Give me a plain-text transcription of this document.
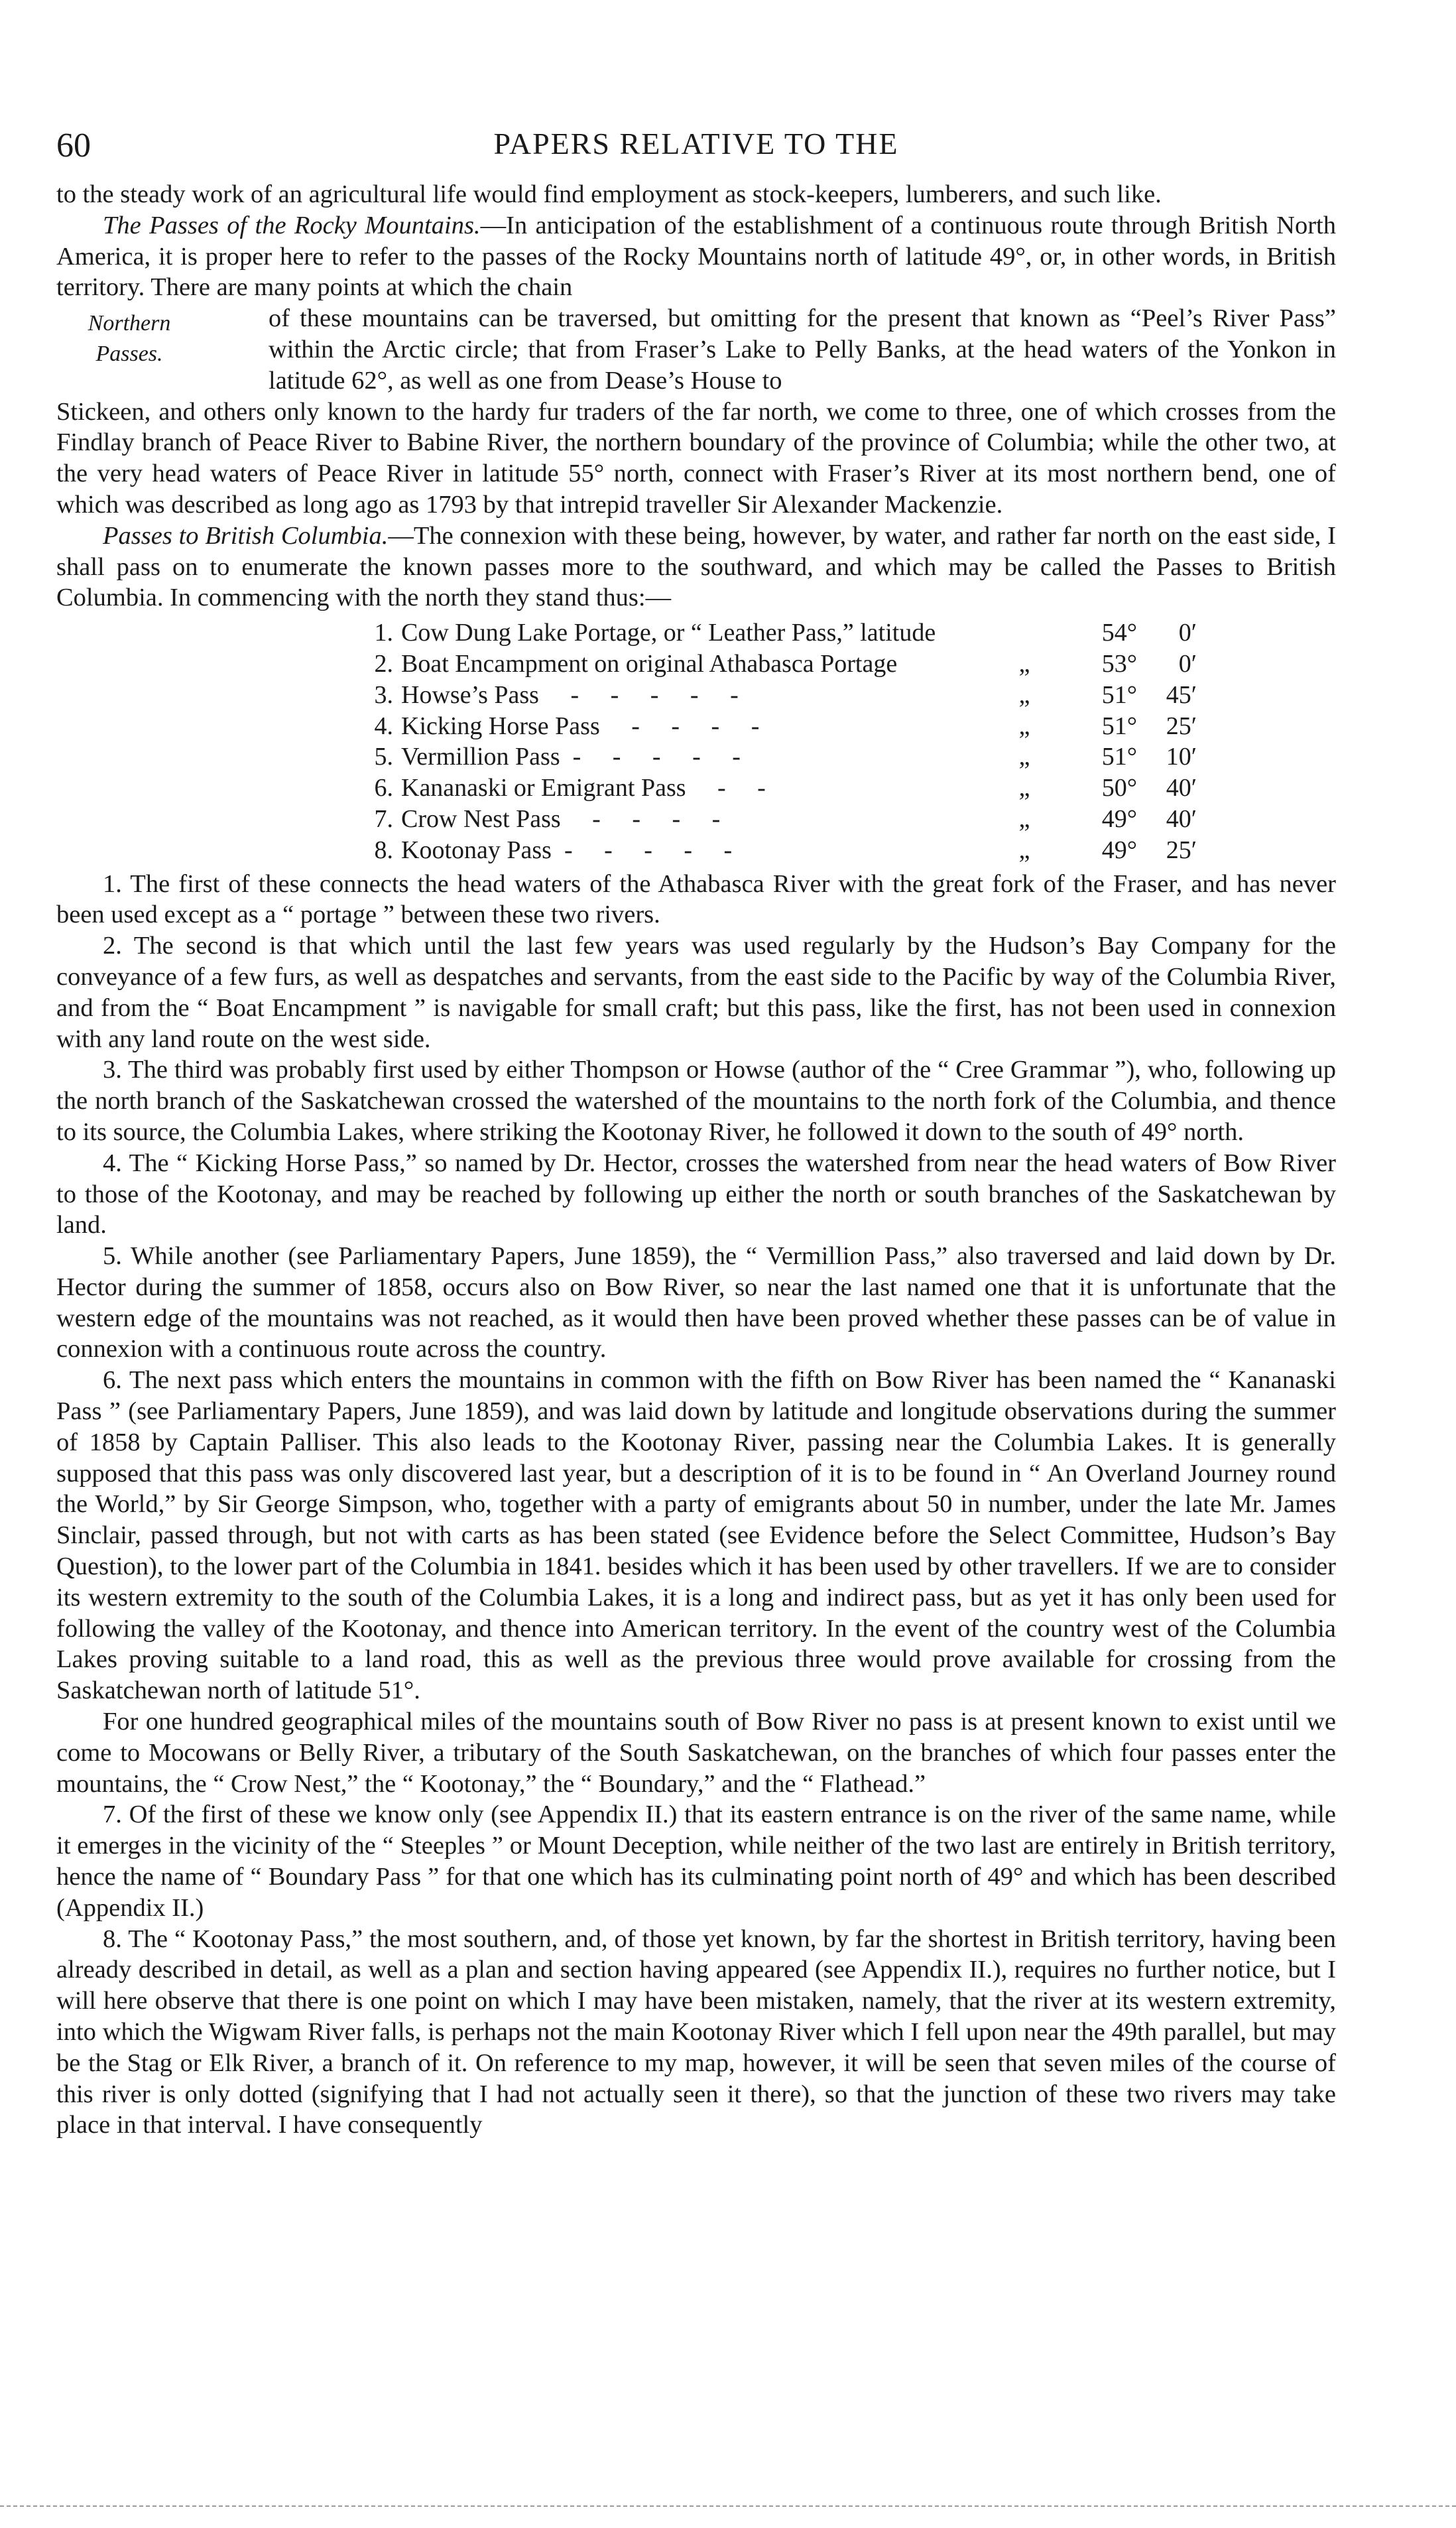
60	PAPERS RELATIVE TO THE

to the steady work of an agricultural life would find employment as stock-keepers, lumberers, and such like.

The Passes of the Rocky Mountains.—In anticipation of the establishment of a continuous route through British North America, it is proper here to refer to the passes of the Rocky Mountains north of latitude 49°, or, in other words, in British territory. There are many points at which the chain

Northern Passes.

of these mountains can be traversed, but omitting for the present that known as “Peel’s River Pass” within the Arctic circle; that from Fraser’s Lake to Pelly Banks, at the head waters of the Yonkon in latitude 62°, as well as one from Dease’s House to

Stickeen, and others only known to the hardy fur traders of the far north, we come to three, one of which crosses from the Findlay branch of Peace River to Babine River, the northern boundary of the province of Columbia; while the other two, at the very head waters of Peace River in latitude 55° north, connect with Fraser’s River at its most northern bend, one of which was described as long ago as 1793 by that intrepid traveller Sir Alexander Mackenzie.

Passes to British Columbia.—The connexion with these being, however, by water, and rather far north on the east side, I shall pass on to enumerate the known passes more to the southward, and which may be called the Passes to British Columbia. In commencing with the north they stand thus:—

1. Cow Dung Lake Portage, or “ Leather Pass,” latitude	54°	0′
2. Boat Encampment on original Athabasca Portage	„	53°	0′
3. Howse’s Pass     -     -     -     -     -	„	51°	45′
4. Kicking Horse Pass     -     -     -     -	„	51°	25′
5. Vermillion Pass  -     -     -     -     -	„	51°	10′
6. Kananaski or Emigrant Pass     -     -	„	50°	40′
7. Crow Nest Pass     -     -     -     -	„	49°	40′
8. Kootonay Pass  -     -     -     -     -	„	49°	25′

1. The first of these connects the head waters of the Athabasca River with the great fork of the Fraser, and has never been used except as a “ portage ” between these two rivers.

2. The second is that which until the last few years was used regularly by the Hudson’s Bay Company for the conveyance of a few furs, as well as despatches and servants, from the east side to the Pacific by way of the Columbia River, and from the “ Boat Encampment ” is navigable for small craft; but this pass, like the first, has not been used in connexion with any land route on the west side.

3. The third was probably first used by either Thompson or Howse (author of the “ Cree Grammar ”), who, following up the north branch of the Saskatchewan crossed the watershed of the mountains to the north fork of the Columbia, and thence to its source, the Columbia Lakes, where striking the Kootonay River, he followed it down to the south of 49° north.

4. The “ Kicking Horse Pass,” so named by Dr. Hector, crosses the watershed from near the head waters of Bow River to those of the Kootonay, and may be reached by following up either the north or south branches of the Saskatchewan by land.

5. While another (see Parliamentary Papers, June 1859), the “ Vermillion Pass,” also traversed and laid down by Dr. Hector during the summer of 1858, occurs also on Bow River, so near the last named one that it is unfortunate that the western edge of the mountains was not reached, as it would then have been proved whether these passes can be of value in connexion with a continuous route across the country.

6. The next pass which enters the mountains in common with the fifth on Bow River has been named the “ Kananaski Pass ” (see Parliamentary Papers, June 1859), and was laid down by latitude and longitude observations during the summer of 1858 by Captain Palliser. This also leads to the Kootonay River, passing near the Columbia Lakes. It is generally supposed that this pass was only discovered last year, but a description of it is to be found in “ An Overland Journey round the World,” by Sir George Simpson, who, together with a party of emigrants about 50 in number, under the late Mr. James Sinclair, passed through, but not with carts as has been stated (see Evidence before the Select Committee, Hudson’s Bay Question), to the lower part of the Columbia in 1841. besides which it has been used by other travellers. If we are to consider its western extremity to the south of the Columbia Lakes, it is a long and indirect pass, but as yet it has only been used for following the valley of the Kootonay, and thence into American territory. In the event of the country west of the Columbia Lakes proving suitable to a land road, this as well as the previous three would prove available for crossing from the Saskatchewan north of latitude 51°.

For one hundred geographical miles of the mountains south of Bow River no pass is at present known to exist until we come to Mocowans or Belly River, a tributary of the South Saskatchewan, on the branches of which four passes enter the mountains, the “ Crow Nest,” the “ Kootonay,” the “ Boundary,” and the “ Flathead.”

7. Of the first of these we know only (see Appendix II.) that its eastern entrance is on the river of the same name, while it emerges in the vicinity of the “ Steeples ” or Mount Deception, while neither of the two last are entirely in British territory, hence the name of “ Boundary Pass ” for that one which has its culminating point north of 49° and which has been described (Appendix II.)

8. The “ Kootonay Pass,” the most southern, and, of those yet known, by far the shortest in British territory, having been already described in detail, as well as a plan and section having appeared (see Appendix II.), requires no further notice, but I will here observe that there is one point on which I may have been mistaken, namely, that the river at its western extremity, into which the Wigwam River falls, is perhaps not the main Kootonay River which I fell upon near the 49th parallel, but may be the Stag or Elk River, a branch of it. On reference to my map, however, it will be seen that seven miles of the course of this river is only dotted (signifying that I had not actually seen it there), so that the junction of these two rivers may take place in that interval. I have consequently
